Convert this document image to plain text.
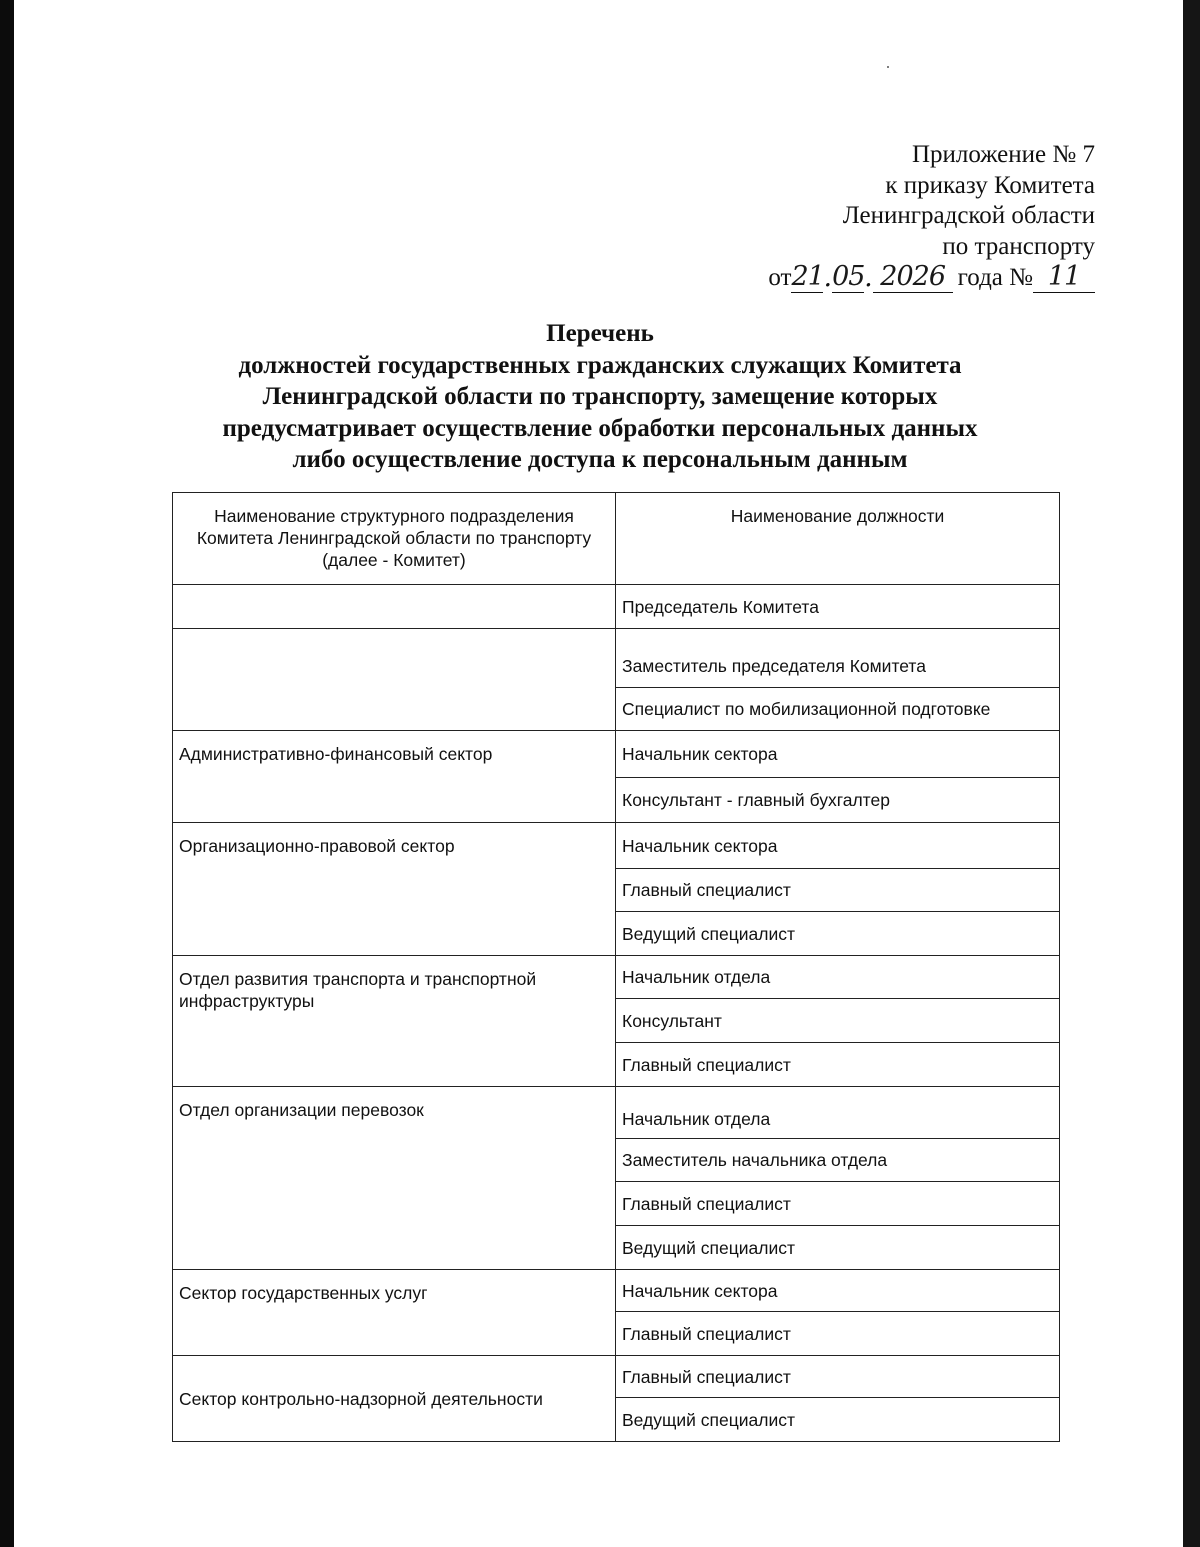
Приложение № 7
к приказу Комитета
Ленинградской области
по транспорту
от 21 . 05 . 2026 года № 11
Перечень
должностей государственных гражданских служащих Комитета
Ленинградской области по транспорту, замещение которых
предусматривает осуществление обработки персональных данных
либо осуществление доступа к персональным данным
Наименование структурного подразделения Комитета Ленинградской области по транспорту (далее - Комитет)	Наименование должности
	Председатель Комитета
	Заместитель председателя Комитета
	Специалист по мобилизационной подготовке
Административно-финансовый сектор	Начальник сектора
	Консультант - главный бухгалтер
Организационно-правовой сектор	Начальник сектора
	Главный специалист
	Ведущий специалист
Отдел развития транспорта и транспортной инфраструктуры	Начальник отдела
	Консультант
	Главный специалист
Отдел организации перевозок	Начальник отдела
	Заместитель начальника отдела
	Главный специалист
	Ведущий специалист
Сектор государственных услуг	Начальник сектора
	Главный специалист
Сектор контрольно-надзорной деятельности	Главный специалист
	Ведущий специалист
